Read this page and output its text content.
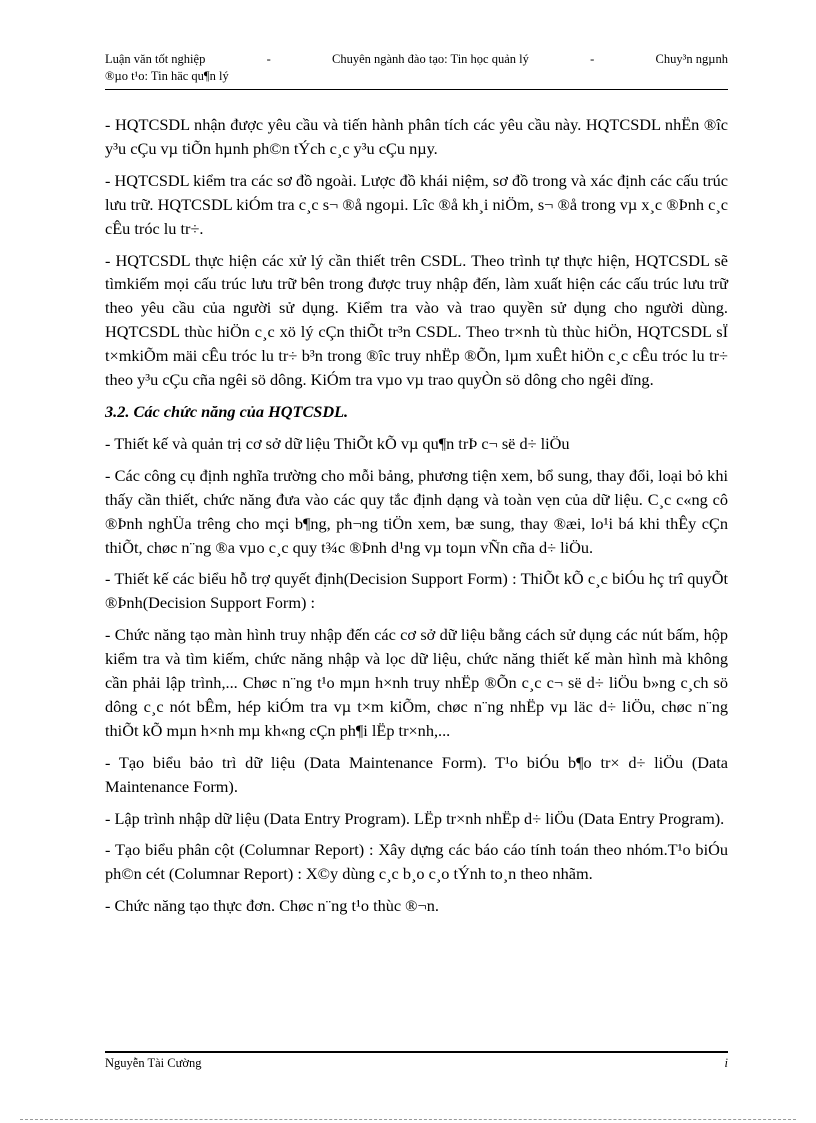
Luận văn tốt nghiệp	-	Chuyên ngành đào tạo: Tin học quản lý	-	Chuy³n ngµnh
®µo t¹o: Tin häc qu¶n lý

- HQTCSDL nhận được yêu cầu và tiến hành phân tích các yêu cầu này. HQTCSDL nhËn ®îc y³u cÇu vµ tiÕn hµnh ph©n tÝch c¸c y³u cÇu nµy.

- HQTCSDL kiểm tra các sơ đồ ngoài. Lược đồ khái niệm, sơ đồ trong và xác định các cấu trúc lưu trữ. HQTCSDL kiÓm tra c¸c s¬ ®å ngoµi. Lîc ®å kh¸i niÖm, s¬ ®å trong vµ x¸c ®Þnh c¸c cÊu tróc lu tr÷.

- HQTCSDL thực hiện các xử lý cần thiết trên CSDL. Theo trình tự thực hiện, HQTCSDL sẽ tìmkiếm mọi cấu trúc lưu trữ bên trong được truy nhập đến, làm xuất hiện các cấu trúc lưu trữ theo yêu cầu của người sử dụng. Kiểm tra vào và trao quyền sử dụng cho người dùng. HQTCSDL thùc hiÖn c¸c xö lý cÇn thiÕt tr³n CSDL. Theo tr×nh tù thùc hiÖn, HQTCSDL sÏ t×mkiÕm mäi cÊu tróc lu tr÷ b³n trong ®îc truy nhËp ®Õn, lµm xuÊt hiÖn c¸c cÊu tróc lu tr÷ theo y³u cÇu cña ngêi sö dông. KiÓm tra vµo vµ trao quyÒn sö dông cho ngêi dïng.

3.2. Các chức năng của HQTCSDL.

- Thiết kế và quản trị cơ sở dữ liệu ThiÕt kÕ vµ qu¶n trÞ c¬ së d÷ liÖu

- Các công cụ định nghĩa trường cho mỗi bảng, phương tiện xem, bổ sung, thay đổi, loại bỏ khi thấy cần thiết, chức năng đưa vào các quy tắc định dạng và toàn vẹn của dữ liệu. C¸c c«ng cô ®Þnh nghÜa trêng cho mçi b¶ng, ph¬ng tiÖn xem, bæ sung, thay ®æi, lo¹i bá khi thÊy cÇn thiÕt, chøc n¨ng ®a vµo c¸c quy t¾c ®Þnh d¹ng vµ toµn vÑn cña d÷ liÖu.

- Thiết kế các biểu hỗ trợ quyết định(Decision Support Form) : ThiÕt kÕ c¸c biÓu hç trî quyÕt ®Þnh(Decision Support Form) :

- Chức năng tạo màn hình truy nhập đến các cơ sở dữ liệu bằng cách sử dụng các nút bấm, hộp kiểm tra và tìm kiếm, chức năng nhập và lọc dữ liệu, chức năng thiết kế màn hình mà không cần phải lập trình,... Chøc n¨ng t¹o mµn h×nh truy nhËp ®Õn c¸c c¬ së d÷ liÖu b»ng c¸ch sö dông c¸c nót bÊm, hép kiÓm tra vµ t×m kiÕm, chøc n¨ng nhËp vµ läc d÷ liÖu, chøc n¨ng thiÕt kÕ mµn h×nh mµ kh«ng cÇn ph¶i lËp tr×nh,...

- Tạo biểu bảo trì dữ liệu (Data Maintenance Form). T¹o biÓu b¶o tr× d÷ liÖu (Data Maintenance Form).

- Lập trình nhập dữ liệu (Data Entry Program). LËp tr×nh nhËp d÷ liÖu (Data Entry Program).

- Tạo biểu phân cột (Columnar Report) : Xây dựng các báo cáo tính toán theo nhóm.T¹o biÓu ph©n cét (Columnar Report) : X©y dùng c¸c b¸o c¸o tÝnh to¸n theo nhãm.

- Chức năng tạo thực đơn. Chøc n¨ng t¹o thùc ®¬n.

Nguyễn Tài Cường	i
